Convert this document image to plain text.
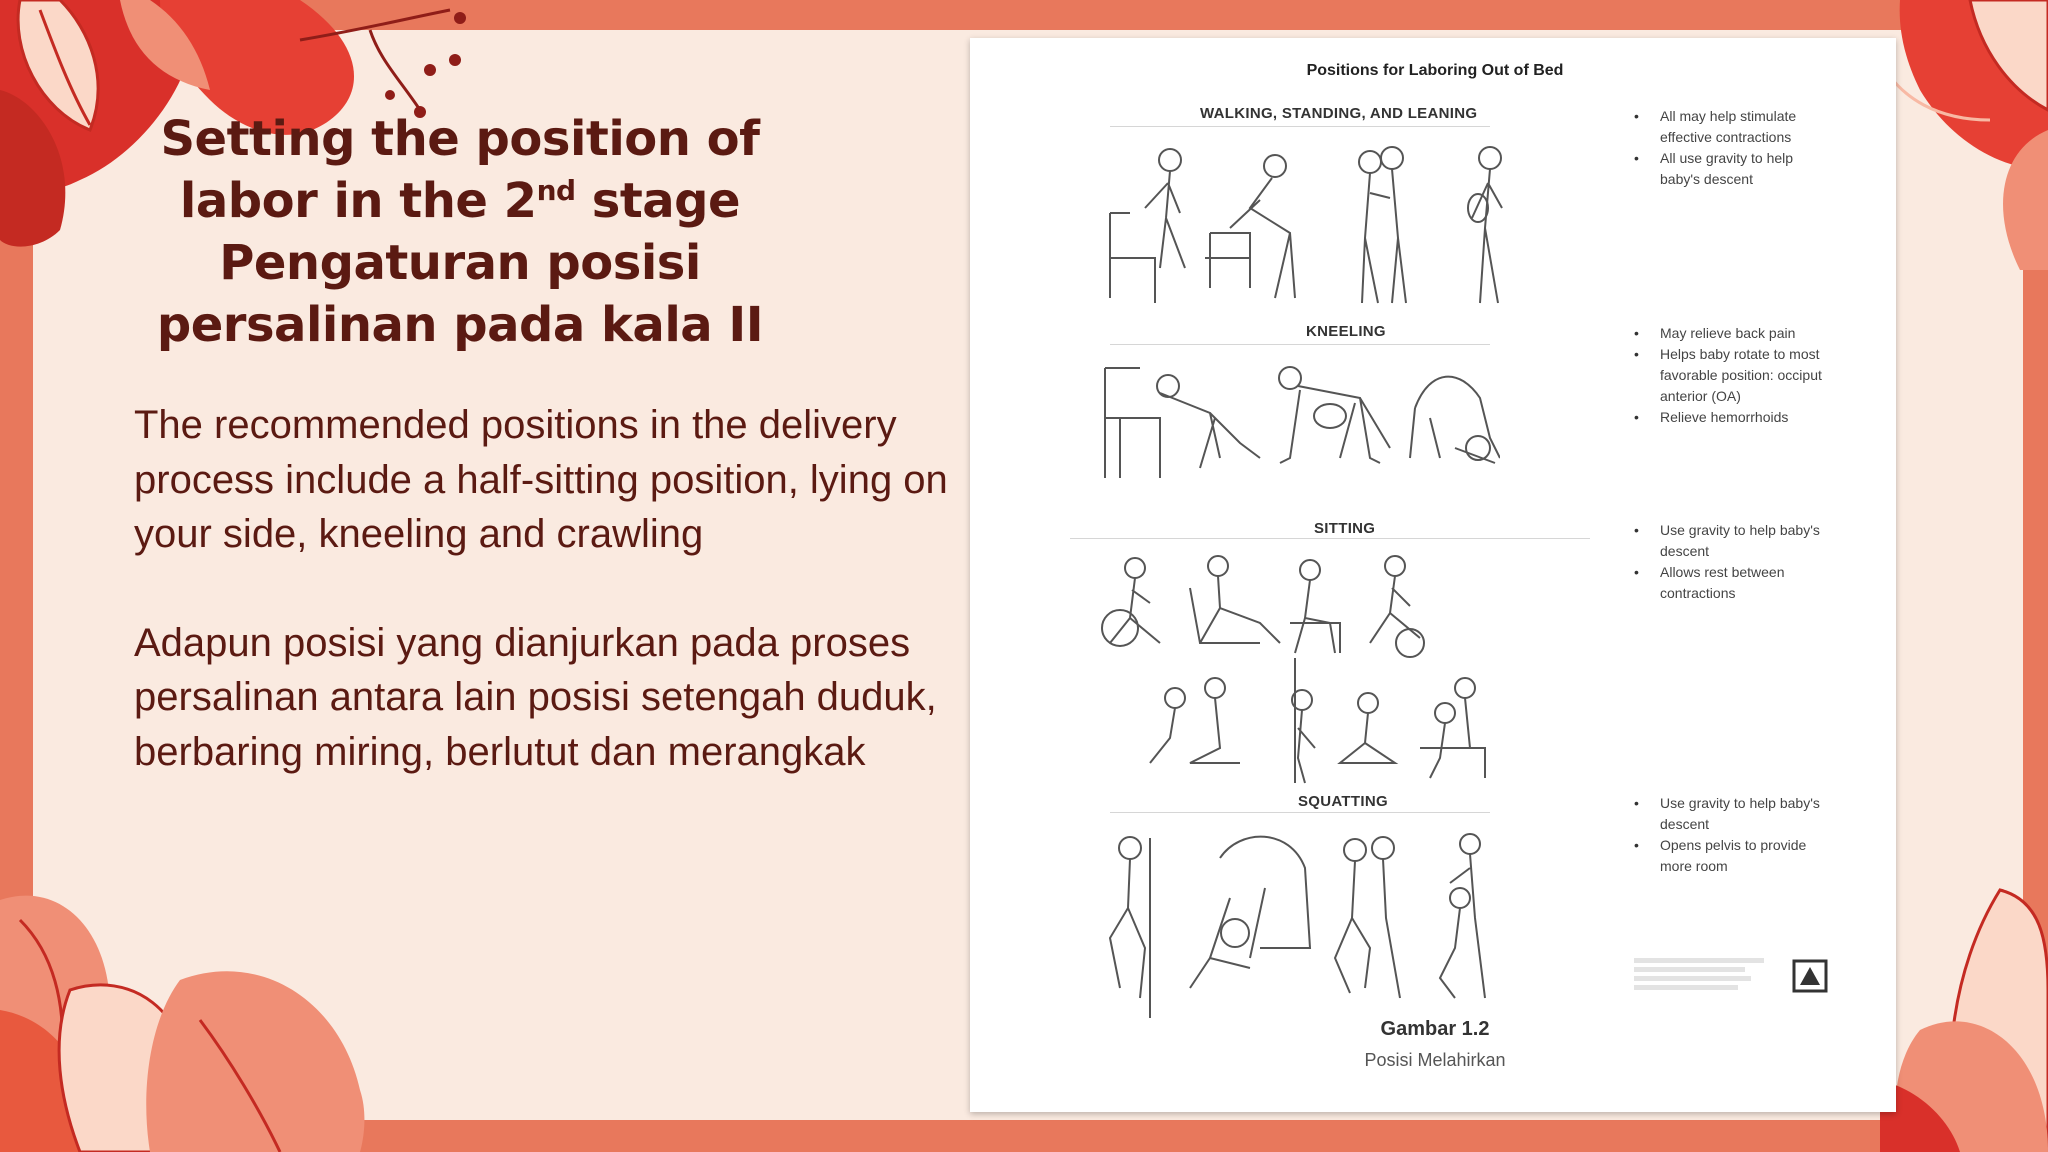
Setting the position of
labor in the 2nd stage
Pengaturan posisi
persalinan pada kala II

The recommended positions in the delivery process include a half-sitting position, lying on your side, kneeling and crawling

Adapun posisi yang dianjurkan pada proses persalinan antara lain posisi setengah duduk, berbaring miring, berlutut dan merangkak

Positions for Laboring Out of Bed
WALKING, STANDING, AND LEANING
KNEELING
SITTING
SQUATTING
• All may help stimulate effective contractions
• All use gravity to help baby's descent
• May relieve back pain
• Helps baby rotate to most favorable position: occiput anterior (OA)
• Relieve hemorrhoids
• Use gravity to help baby's descent
• Allows rest between contractions
• Use gravity to help baby's descent
• Opens pelvis to provide more room
Gambar 1.2
Posisi Melahirkan
